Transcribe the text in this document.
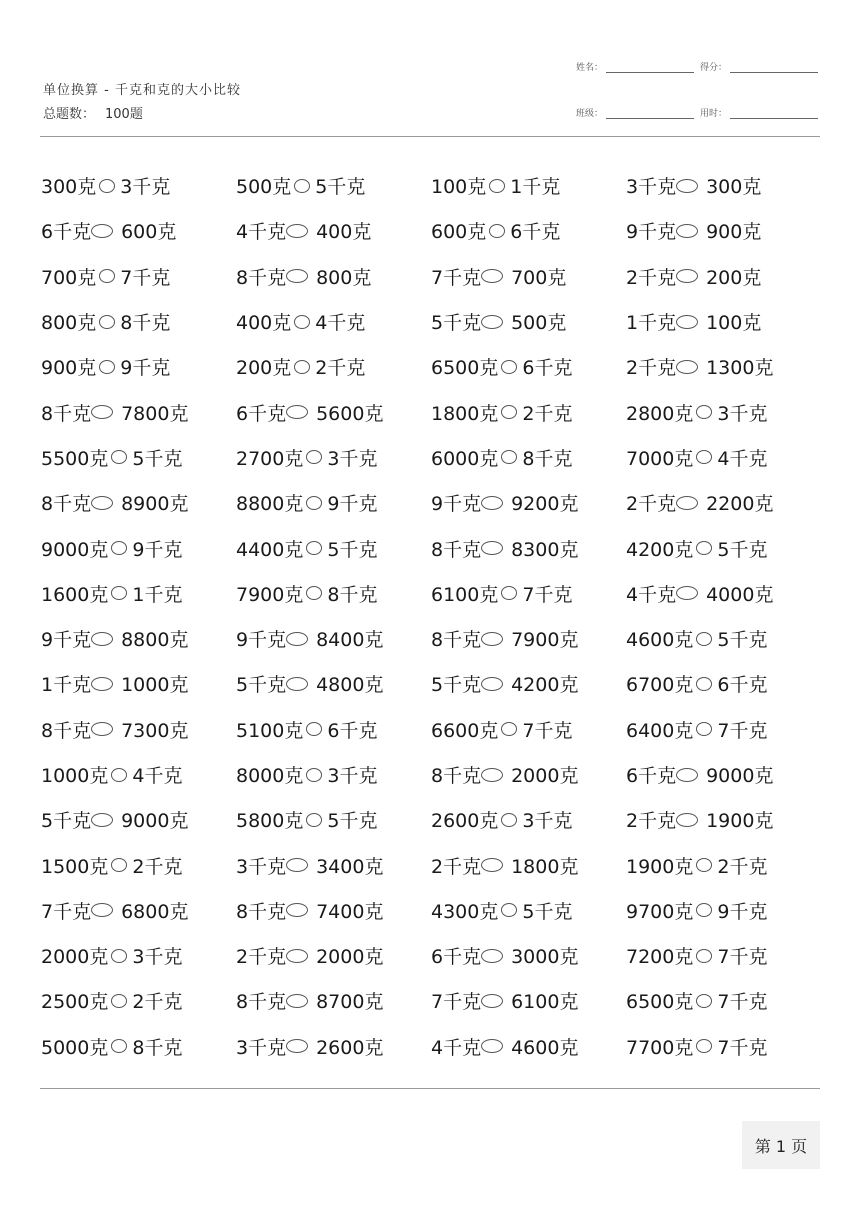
单位换算 - 千克和克的大小比较
总题数： 100题
姓名：	得分：
班级：	用时：
300克 3千克	500克 5千克	100克 1千克	3千克 300克
6千克 600克	4千克 400克	600克 6千克	9千克 900克
700克 7千克	8千克 800克	7千克 700克	2千克 200克
800克 8千克	400克 4千克	5千克 500克	1千克 100克
900克 9千克	200克 2千克	6500克 6千克	2千克 1300克
8千克 7800克	6千克 5600克	1800克 2千克	2800克 3千克
5500克 5千克	2700克 3千克	6000克 8千克	7000克 4千克
8千克 8900克	8800克 9千克	9千克 9200克	2千克 2200克
9000克 9千克	4400克 5千克	8千克 8300克	4200克 5千克
1600克 1千克	7900克 8千克	6100克 7千克	4千克 4000克
9千克 8800克	9千克 8400克	8千克 7900克	4600克 5千克
1千克 1000克	5千克 4800克	5千克 4200克	6700克 6千克
8千克 7300克	5100克 6千克	6600克 7千克	6400克 7千克
1000克 4千克	8000克 3千克	8千克 2000克	6千克 9000克
5千克 9000克	5800克 5千克	2600克 3千克	2千克 1900克
1500克 2千克	3千克 3400克	2千克 1800克	1900克 2千克
7千克 6800克	8千克 7400克	4300克 5千克	9700克 9千克
2000克 3千克	2千克 2000克	6千克 3000克	7200克 7千克
2500克 2千克	8千克 8700克	7千克 6100克	6500克 7千克
5000克 8千克	3千克 2600克	4千克 4600克	7700克 7千克
第 1 页
